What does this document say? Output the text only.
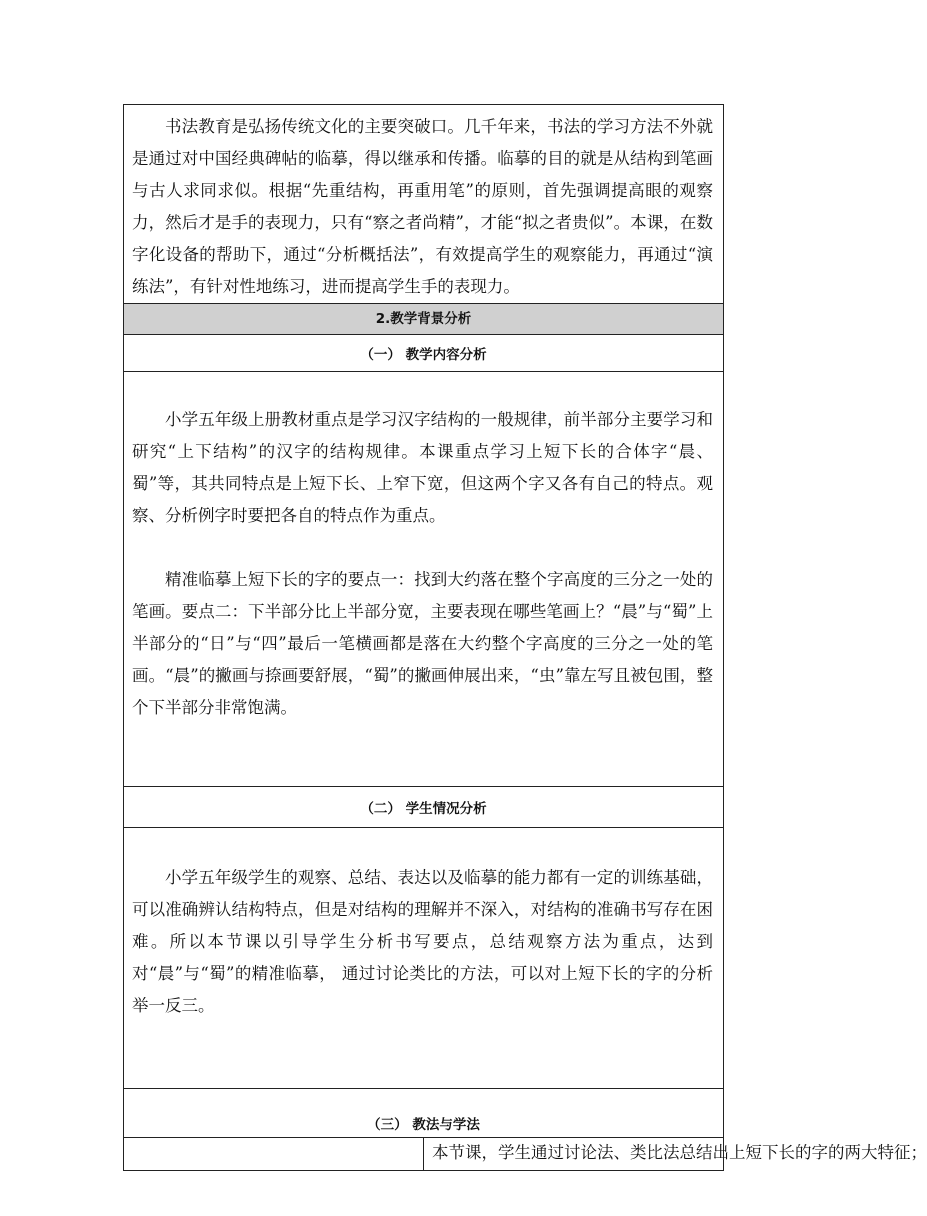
书法教育是弘扬传统文化的主要突破口。几千年来，书法的学习方法不外就是通过对中国经典碑帖的临摹，得以继承和传播。临摹的目的就是从结构到笔画与古人求同求似。根据“先重结构，再重用笔”的原则，首先强调提高眼的观察力，然后才是手的表现力，只有“察之者尚精”，才能“拟之者贵似”。本课，在数字化设备的帮助下，通过“分析概括法”，有效提高学生的观察能力，再通过“演练法”，有针对性地练习，进而提高学生手的表现力。

2.教学背景分析
（一） 教学内容分析

小学五年级上册教材重点是学习汉字结构的一般规律，前半部分主要学习和研究“上下结构”的汉字的结构规律。本课重点学习上短下长的合体字“晨、蜀”等，其共同特点是上短下长、上窄下宽，但这两个字又各有自己的特点。观察、分析例字时要把各自的特点作为重点。

精准临摹上短下长的字的要点一：找到大约落在整个字高度的三分之一处的笔画。要点二：下半部分比上半部分宽，主要表现在哪些笔画上？“晨”与“蜀”上半部分的“日”与“四”最后一笔横画都是落在大约整个字高度的三分之一处的笔画。“晨”的撇画与捺画要舒展，“蜀”的撇画伸展出来，“虫”靠左写且被包围，整个下半部分非常饱满。

（二） 学生情况分析

小学五年级学生的观察、总结、表达以及临摹的能力都有一定的训练基础，可以准确辨认结构特点，但是对结构的理解并不深入，对结构的准确书写存在困难。所以本节课以引导学生分析书写要点，总结观察方法为重点，达到对“晨”与“蜀”的精准临摹， 通过讨论类比的方法，可以对上短下长的字的分析举一反三。

（三） 教法与学法
	本节课，学生通过讨论法、类比法总结出上短下长的字的两大特征；
